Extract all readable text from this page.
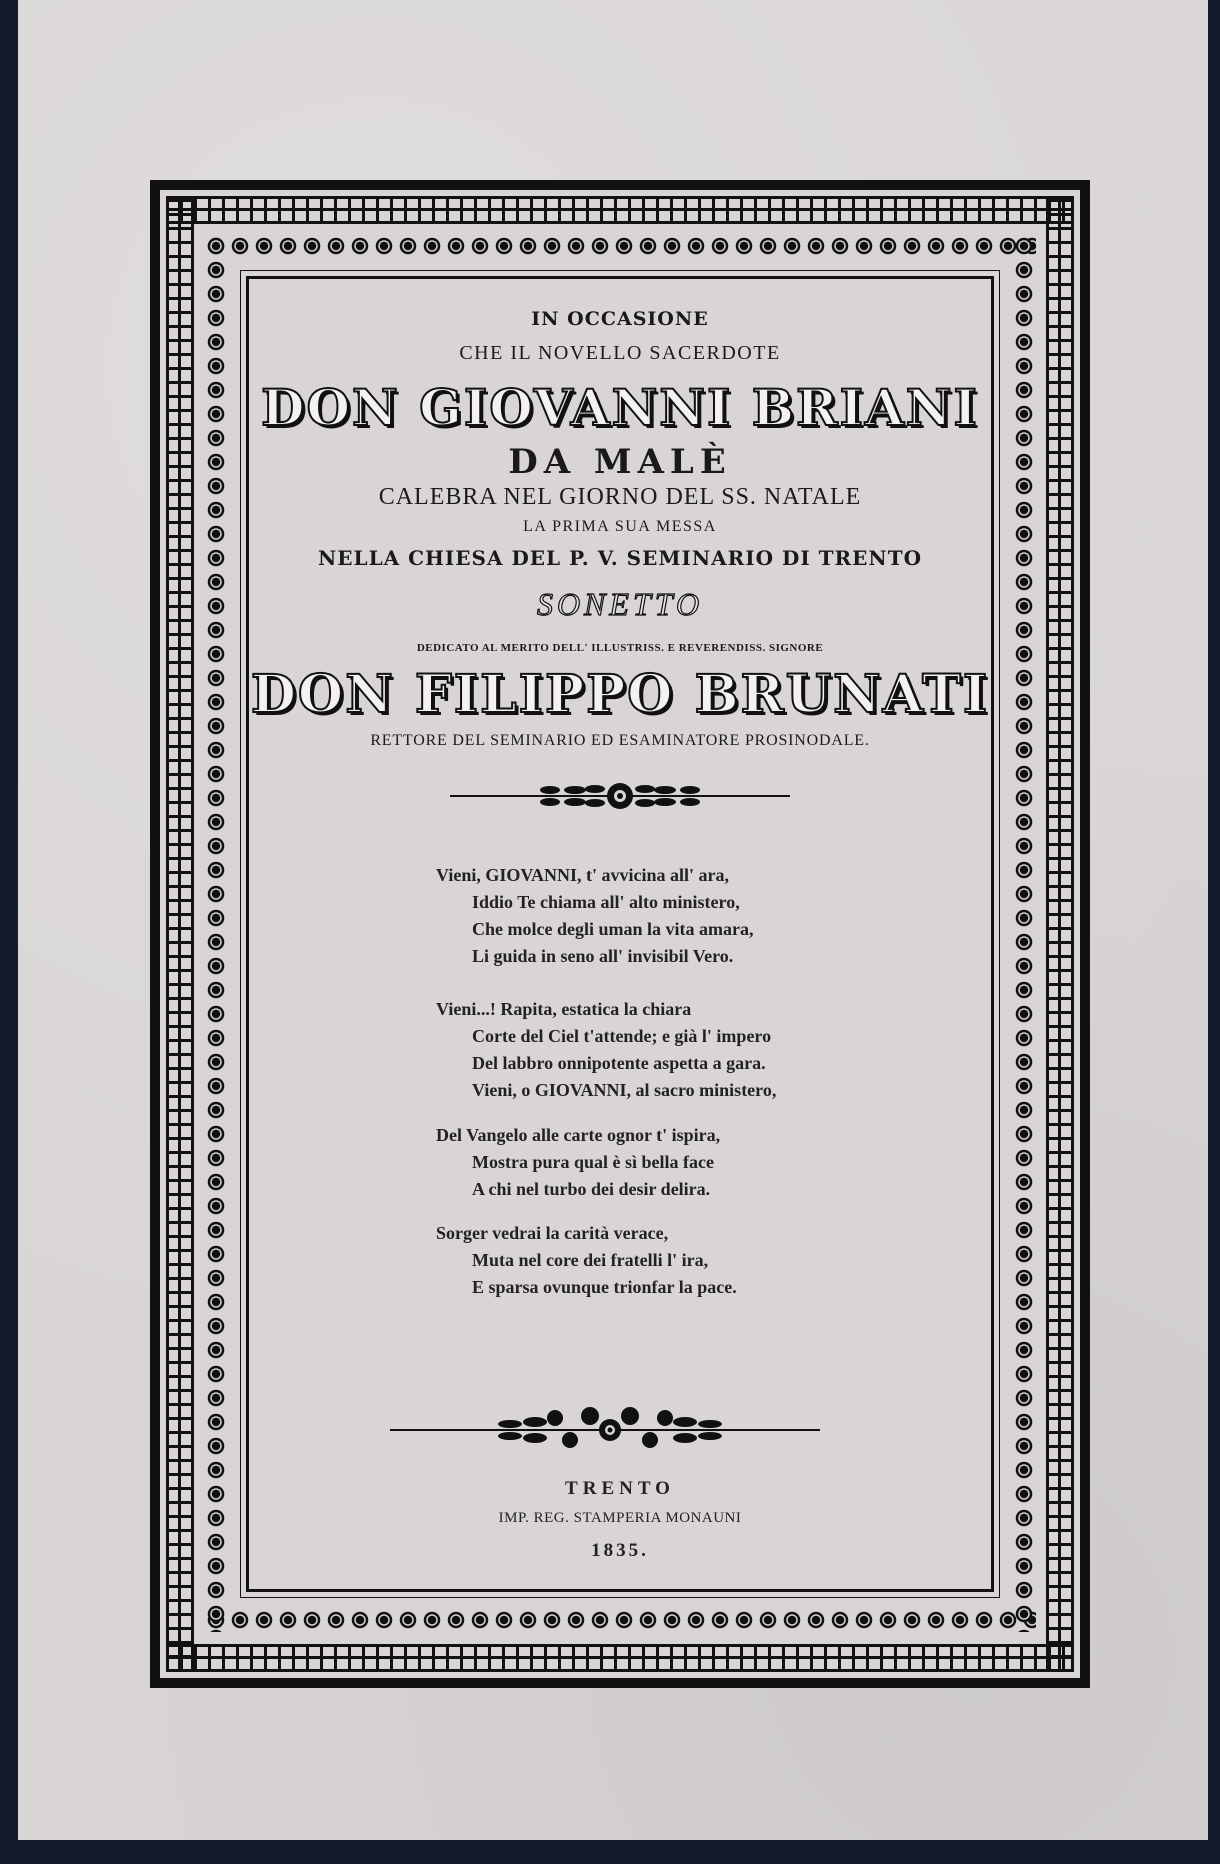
IN OCCASIONE
CHE IL NOVELLO SACERDOTE
DON GIOVANNI BRIANI
DA MALÈ
CALEBRA NEL GIORNO DEL SS. NATALE
LA PRIMA SUA MESSA
NELLA CHIESA DEL P. V. SEMINARIO DI TRENTO
SONETTO
DEDICATO AL MERITO DELL' ILLUSTRISS. E REVERENDISS. SIGNORE
DON FILIPPO BRUNATI
RETTORE DEL SEMINARIO ED ESAMINATORE PROSINODALE.
Vieni, GIOVANNI, t' avvicina all' ara,
Iddio Te chiama all' alto ministero,
Che molce degli uman la vita amara,
Li guida in seno all' invisibil Vero.
Vieni...! Rapita, estatica la chiara
Corte del Ciel t'attende; e già l' impero
Del labbro onnipotente aspetta a gara.
Vieni, o GIOVANNI, al sacro ministero,
Del Vangelo alle carte ognor t' ispira,
Mostra pura qual è sì bella face
A chi nel turbo dei desir delira.
Sorger vedrai la carità verace,
Muta nel core dei fratelli l' ira,
E sparsa ovunque trionfar la pace.
TRENTO
IMP. REG. STAMPERIA MONAUNI
1835.
